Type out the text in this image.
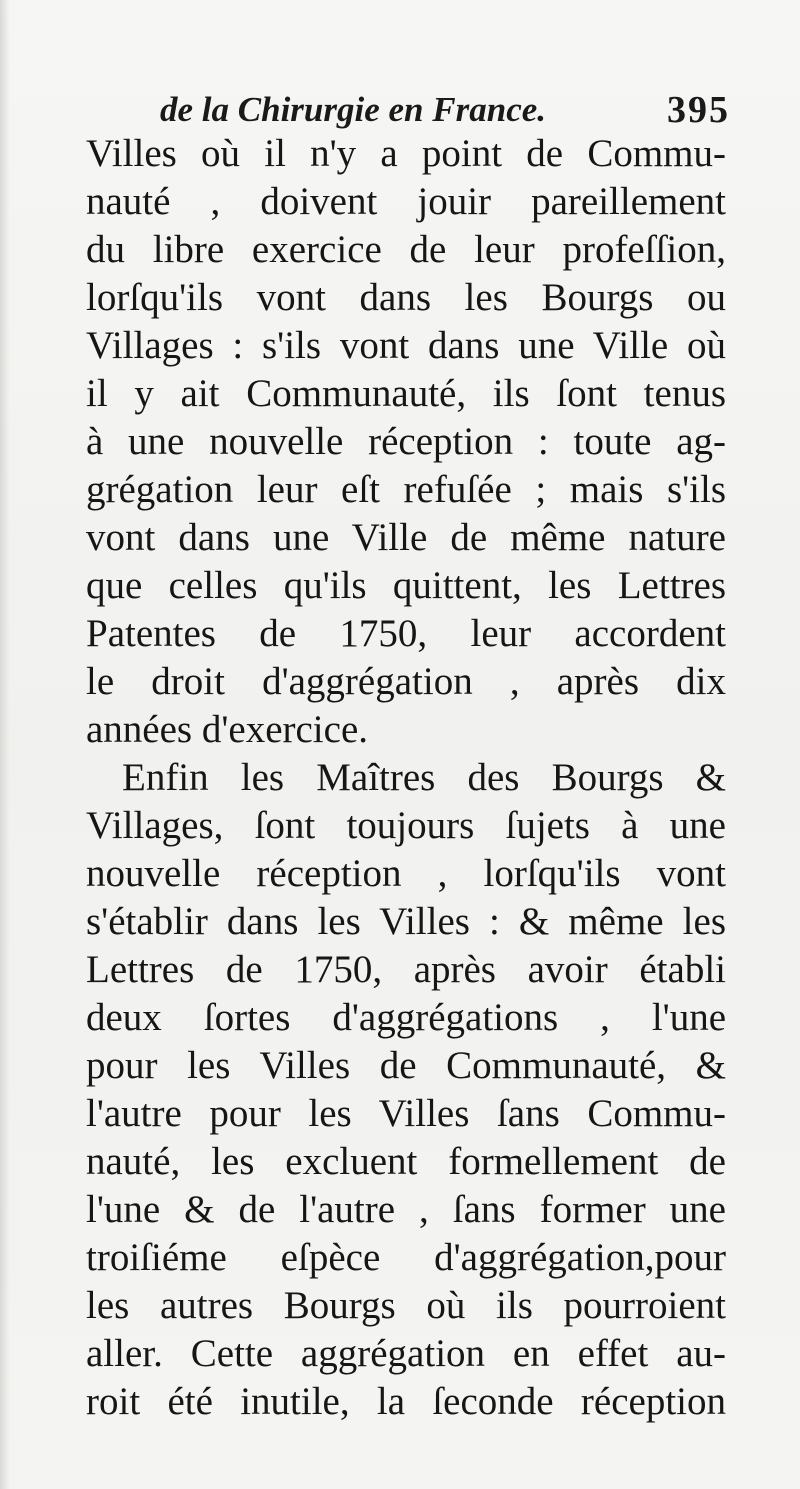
de la Chirurgie en France.	395
Villes où il n'y a point de Commu-
nauté , doivent jouir pareillement
du libre exercice de leur profeſſion,
lorſqu'ils vont dans les Bourgs ou
Villages : s'ils vont dans une Ville où
il y ait Communauté, ils ſont tenus
à une nouvelle réception : toute ag-
grégation leur eſt refuſée ; mais s'ils
vont dans une Ville de même nature
que celles qu'ils quittent, les Lettres
Patentes de 1750, leur accordent
le droit d'aggrégation , après dix
années d'exercice.
Enfin les Maîtres des Bourgs &
Villages, ſont toujours ſujets à une
nouvelle réception , lorſqu'ils vont
s'établir dans les Villes : & même les
Lettres de 1750, après avoir établi
deux ſortes d'aggrégations , l'une
pour les Villes de Communauté, &
l'autre pour les Villes ſans Commu-
nauté, les excluent formellement de
l'une & de l'autre , ſans former une
troiſiéme eſpèce d'aggrégation,pour
les autres Bourgs où ils pourroient
aller. Cette aggrégation en effet au-
roit été inutile, la ſeconde réception
